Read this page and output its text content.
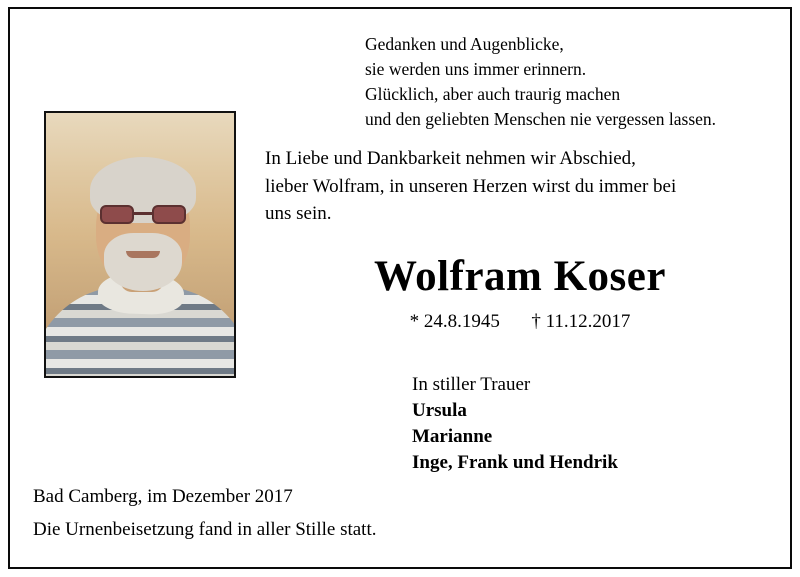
Gedanken und Augenblicke,
sie werden uns immer erinnern.
Glücklich, aber auch traurig machen
und den geliebten Menschen nie vergessen lassen.
In Liebe und Dankbarkeit nehmen wir Abschied,
lieber Wolfram, in unseren Herzen wirst du immer bei
uns sein.
Wolfram Koser
* 24.8.1945 † 11.12.2017
In stiller Trauer
Ursula
Marianne
Inge, Frank und Hendrik
Bad Camberg, im Dezember 2017
Die Urnenbeisetzung fand in aller Stille statt.
